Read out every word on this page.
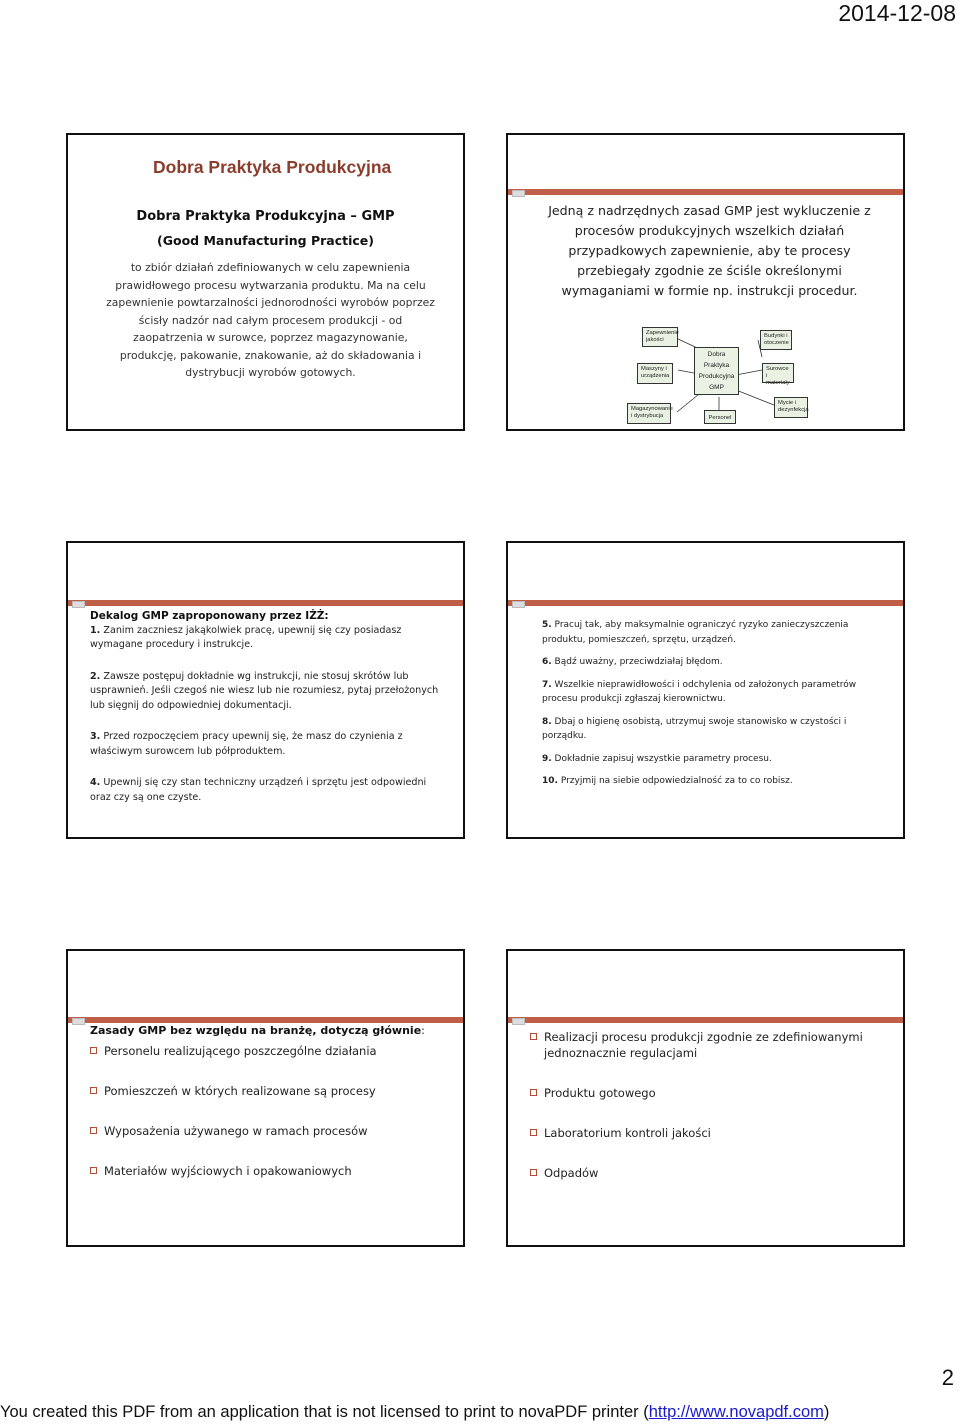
2014-12-08
Dobra Praktyka Produkcyjna
Dobra Praktyka Produkcyjna – GMP
(Good Manufacturing Practice)
to zbiór działań zdefiniowanych w celu zapewnienia prawidłowego procesu wytwarzania produktu. Ma na celu zapewnienie powtarzalności jednorodności wyrobów poprzez ścisły nadzór nad całym procesem produkcji - od zaopatrzenia w surowce, poprzez magazynowanie, produkcję, pakowanie, znakowanie, aż do składowania i dystrybucji wyrobów gotowych.
Jedną z nadrzędnych zasad GMP jest wykluczenie z procesów produkcyjnych wszelkich działań przypadkowych zapewnienie, aby te procesy przebiegały zgodnie ze ściśle określonymi wymaganiami w formie np. instrukcji procedur.
Zapewnienie jakości
Maszyny i urządzenia
Magazynowanie i dystrybucja
Dobra
Praktyka
Produkcyjna
GMP
Personel
Budynki i otoczenie
Surowce i materiały
Mycie i dezynfekcja
Dekalog GMP zaproponowany przez IŻŻ:
1. Zanim zaczniesz jakąkolwiek pracę, upewnij się czy posiadasz wymagane procedury i instrukcje.
2. Zawsze postępuj dokładnie wg instrukcji, nie stosuj skrótów lub usprawnień. Jeśli czegoś nie wiesz lub nie rozumiesz, pytaj przełożonych lub sięgnij do odpowiedniej dokumentacji.
3. Przed rozpoczęciem pracy upewnij się, że masz do czynienia z właściwym surowcem lub półproduktem.
4. Upewnij się czy stan techniczny urządzeń i sprzętu jest odpowiedni oraz czy są one czyste.
5. Pracuj tak, aby maksymalnie ograniczyć ryzyko zanieczyszczenia produktu, pomieszczeń, sprzętu, urządzeń.
6. Bądź uważny, przeciwdziałaj błędom.
7. Wszelkie nieprawidłowości i odchylenia od założonych parametrów procesu produkcji zgłaszaj kierownictwu.
8. Dbaj o higienę osobistą, utrzymuj swoje stanowisko w czystości i porządku.
9. Dokładnie zapisuj wszystkie parametry procesu.
10. Przyjmij na siebie odpowiedzialność za to co robisz.
Zasady GMP bez względu na branżę, dotyczą głównie:
Personelu realizującego poszczególne działania
Pomieszczeń w których realizowane są procesy
Wyposażenia używanego w ramach procesów
Materiałów wyjściowych i opakowaniowych
Realizacji procesu produkcji zgodnie ze zdefiniowanymi jednoznacznie regulacjami
Produktu gotowego
Laboratorium kontroli jakości
Odpadów
2
You created this PDF from an application that is not licensed to print to novaPDF printer (http://www.novapdf.com)
